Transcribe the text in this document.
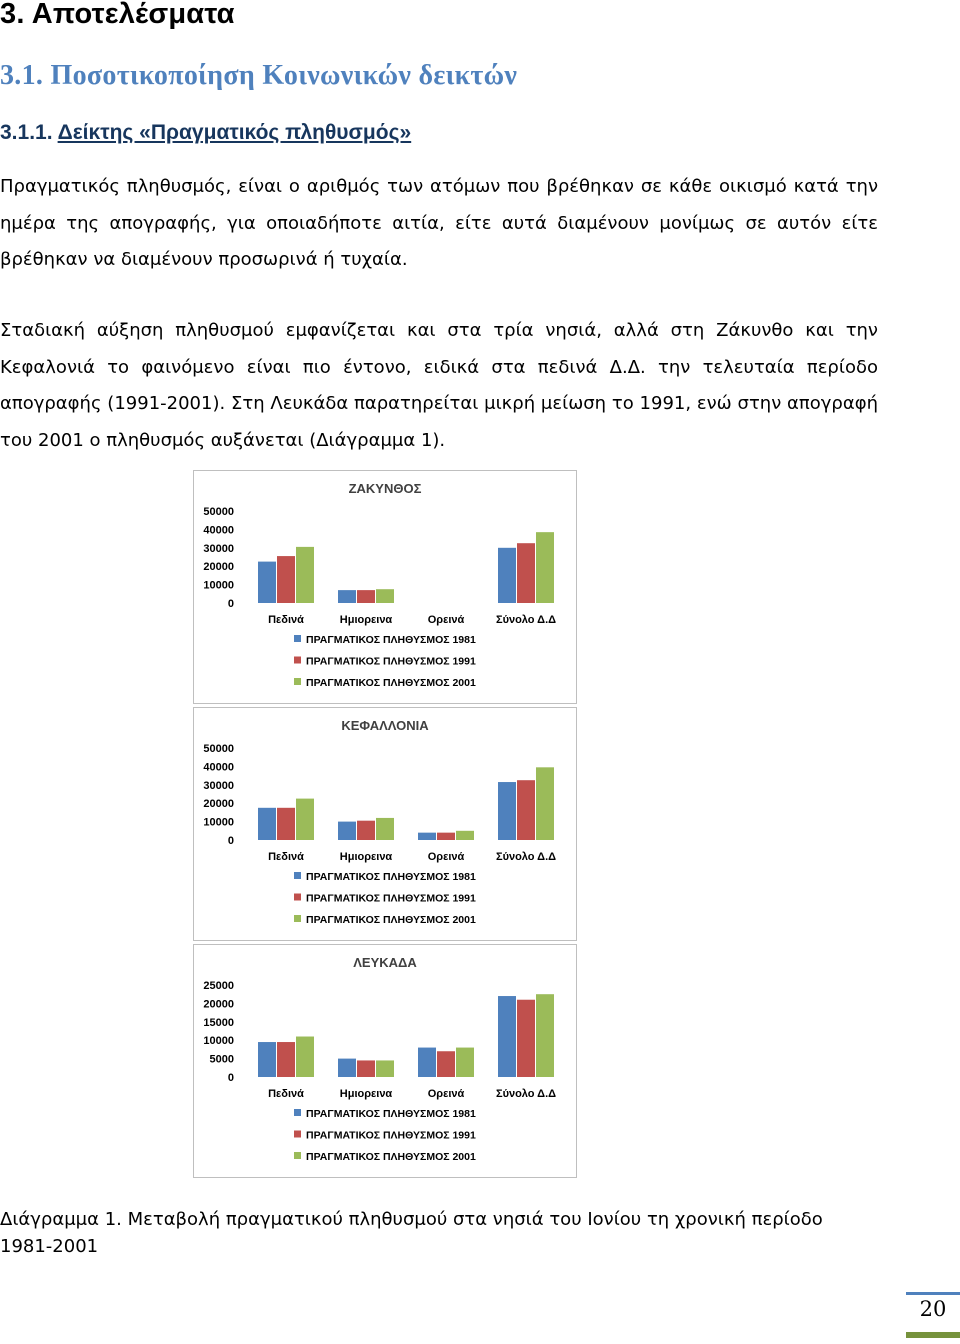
3. Αποτελέσματα
3.1. Ποσοτικοποίηση Κοινωνικών δεικτών
3.1.1. Δείκτης «Πραγματικός πληθυσμός»
Πραγματικός πληθυσμός, είναι ο αριθμός των ατόμων που βρέθηκαν σε κάθε οικισμό κατά την ημέρα της απογραφής, για οποιαδήποτε αιτία, είτε αυτά διαμένουν μονίμως σε αυτόν είτε βρέθηκαν να διαμένουν προσωρινά ή τυχαία.
Σταδιακή αύξηση πληθυσμού εμφανίζεται και στα τρία νησιά, αλλά στη Ζάκυνθο και την Κεφαλονιά το φαινόμενο είναι πιο έντονο, ειδικά στα πεδινά Δ.Δ. την τελευταία περίοδο απογραφής (1991-2001). Στη Λευκάδα παρατηρείται μικρή μείωση το 1991, ενώ στην απογραφή του 2001 ο πληθυσμός αυξάνεται (Διάγραμμα 1).
ΖΑΚΥΝΘΟΣ
50000
40000
30000
20000
10000
0
Πεδινά	Ημιορεινα	Ορεινά	Σύνολο Δ.Δ
ΠΡΑΓΜΑΤΙΚΟΣ ΠΛΗΘΥΣΜΟΣ 1981
ΠΡΑΓΜΑΤΙΚΟΣ ΠΛΗΘΥΣΜΟΣ 1991
ΠΡΑΓΜΑΤΙΚΟΣ ΠΛΗΘΥΣΜΟΣ 2001
ΚΕΦΑΛΛΟΝΙΑ
50000
40000
30000
20000
10000
0
Πεδινά	Ημιορεινα	Ορεινά	Σύνολο Δ.Δ
ΠΡΑΓΜΑΤΙΚΟΣ ΠΛΗΘΥΣΜΟΣ 1981
ΠΡΑΓΜΑΤΙΚΟΣ ΠΛΗΘΥΣΜΟΣ 1991
ΠΡΑΓΜΑΤΙΚΟΣ ΠΛΗΘΥΣΜΟΣ 2001
ΛΕΥΚΑΔΑ
25000
20000
15000
10000
5000
0
Πεδινά	Ημιορεινα	Ορεινά	Σύνολο Δ.Δ
ΠΡΑΓΜΑΤΙΚΟΣ ΠΛΗΘΥΣΜΟΣ 1981
ΠΡΑΓΜΑΤΙΚΟΣ ΠΛΗΘΥΣΜΟΣ 1991
ΠΡΑΓΜΑΤΙΚΟΣ ΠΛΗΘΥΣΜΟΣ 2001
Διάγραμμα 1. Μεταβολή πραγματικού πληθυσμού στα νησιά του Ιονίου τη χρονική περίοδο 1981-2001
20
